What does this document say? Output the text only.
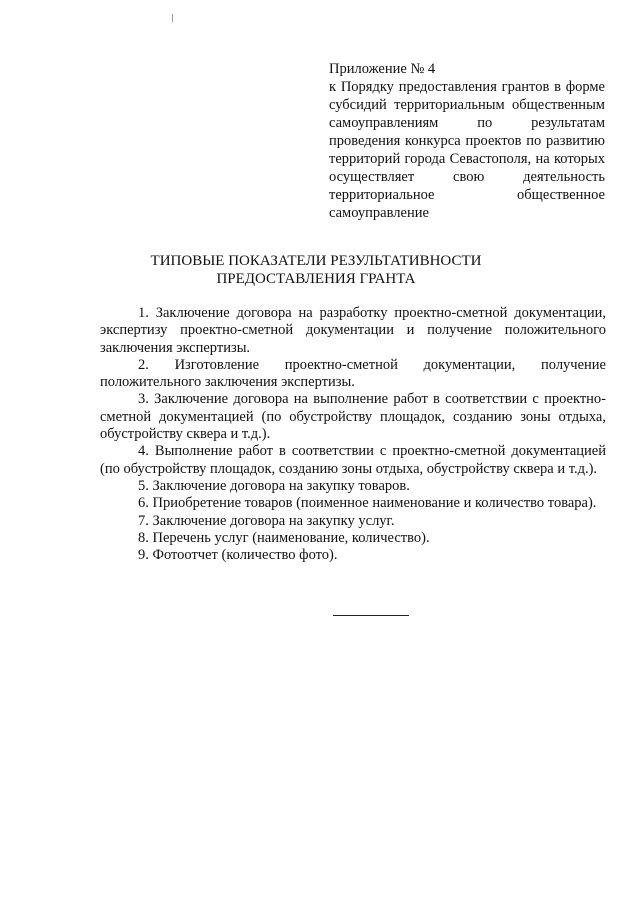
Приложение № 4
к Порядку предоставления грантов в форме субсидий территориальным общественным самоуправлениям по результатам проведения конкурса проектов по развитию территорий города Севастополя, на которых осуществляет свою деятельность территориальное общественное самоуправление
ТИПОВЫЕ ПОКАЗАТЕЛИ РЕЗУЛЬТАТИВНОСТИ
ПРЕДОСТАВЛЕНИЯ ГРАНТА

1. Заключение договора на разработку проектно-сметной документации, экспертизу проектно-сметной документации и получение положительного заключения экспертизы.

2. Изготовление проектно-сметной документации, получение положительного заключения экспертизы.

3. Заключение договора на выполнение работ в соответствии с проектно-сметной документацией (по обустройству площадок, созданию зоны отдыха, обустройству сквера и т.д.).

4. Выполнение работ в соответствии с проектно-сметной документацией (по обустройству площадок, созданию зоны отдыха, обустройству сквера и т.д.).

5. Заключение договора на закупку товаров.

6. Приобретение товаров (поименное наименование и количество товара).

7. Заключение договора на закупку услуг.

8. Перечень услуг (наименование, количество).

9. Фотоотчет (количество фото).
